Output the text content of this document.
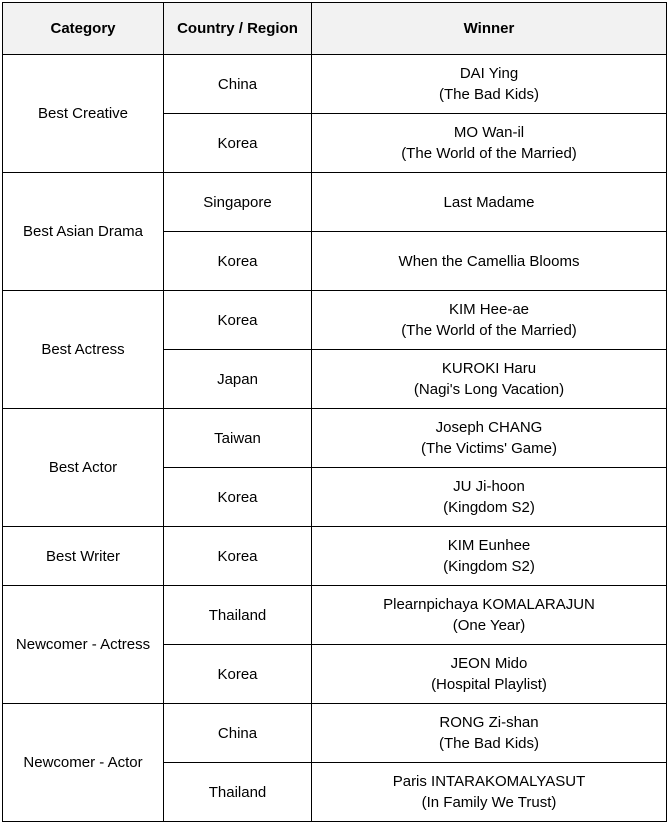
Category	Country / Region	Winner
Best Creative	China	DAI Ying
(The Bad Kids)

	Korea	MO Wan-il
(The World of the Married)

Best Asian Drama	Singapore	Last Madame

	Korea	When the Camellia Blooms

Best Actress	Korea	KIM Hee-ae
(The World of the Married)

	Japan	KUROKI Haru
(Nagi's Long Vacation)

Best Actor	Taiwan	Joseph CHANG
(The Victims' Game)

	Korea	JU Ji-hoon
(Kingdom S2)

Best Writer	Korea	KIM Eunhee
(Kingdom S2)

Newcomer - Actress	Thailand	Plearnpichaya KOMALARAJUN
(One Year)

	Korea	JEON Mido
(Hospital Playlist)

Newcomer - Actor	China	RONG Zi-shan
(The Bad Kids)

	Thailand	Paris INTARAKOMALYASUT
(In Family We Trust)
